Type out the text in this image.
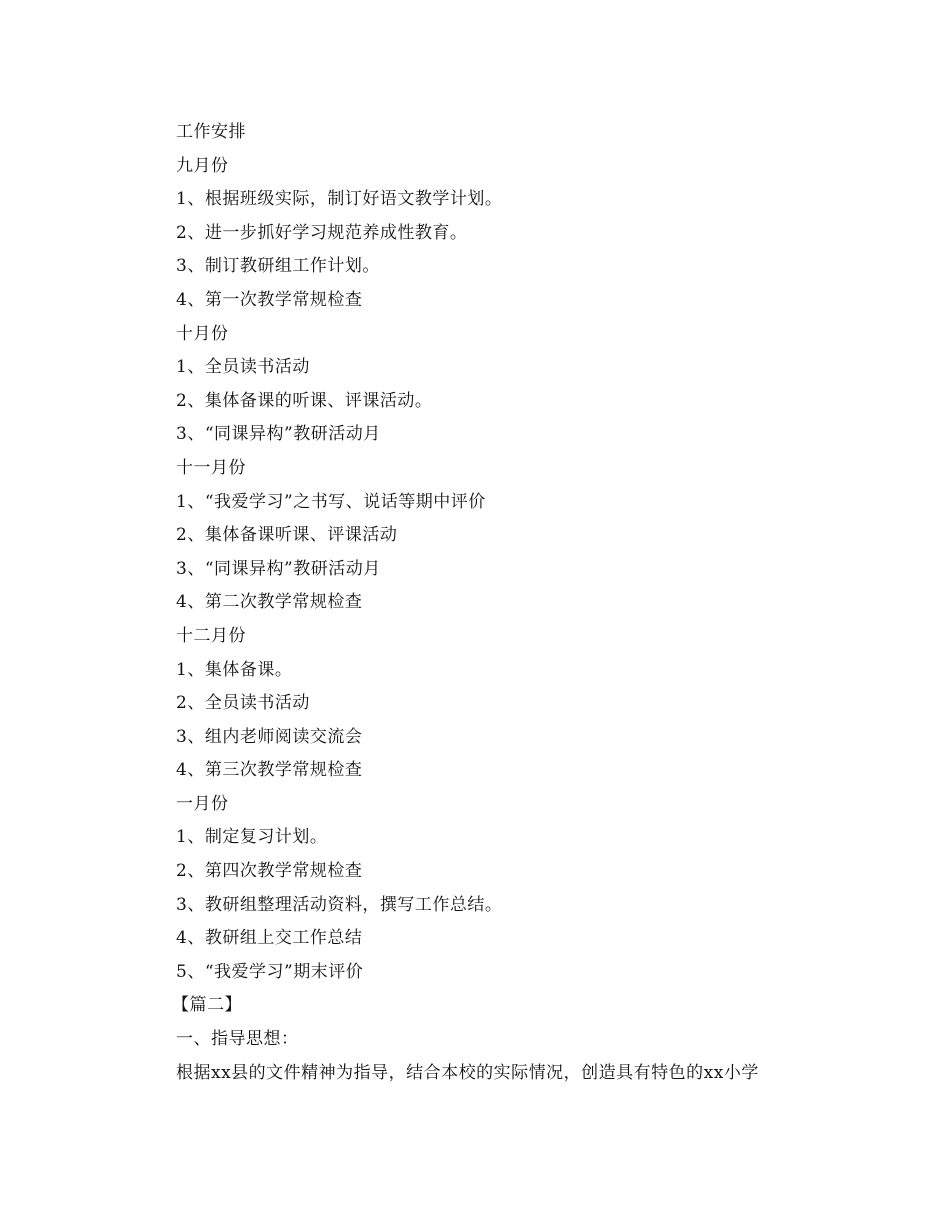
工作安排
九月份
1、根据班级实际，制订好语文教学计划。
2、进一步抓好学习规范养成性教育。
3、制订教研组工作计划。
4、第一次教学常规检查
十月份
1、全员读书活动
2、集体备课的听课、评课活动。
3、“同课异构”教研活动月
十一月份
1、“我爱学习”之书写、说话等期中评价
2、集体备课听课、评课活动
3、“同课异构”教研活动月
4、第二次教学常规检查
十二月份
1、集体备课。
2、全员读书活动
3、组内老师阅读交流会
4、第三次教学常规检查
一月份
1、制定复习计划。
2、第四次教学常规检查
3、教研组整理活动资料，撰写工作总结。
4、教研组上交工作总结
5、“我爱学习”期末评价
【篇二】
一、指导思想：
根据xx县的文件精神为指导，结合本校的实际情况，创造具有特色的xx小学
